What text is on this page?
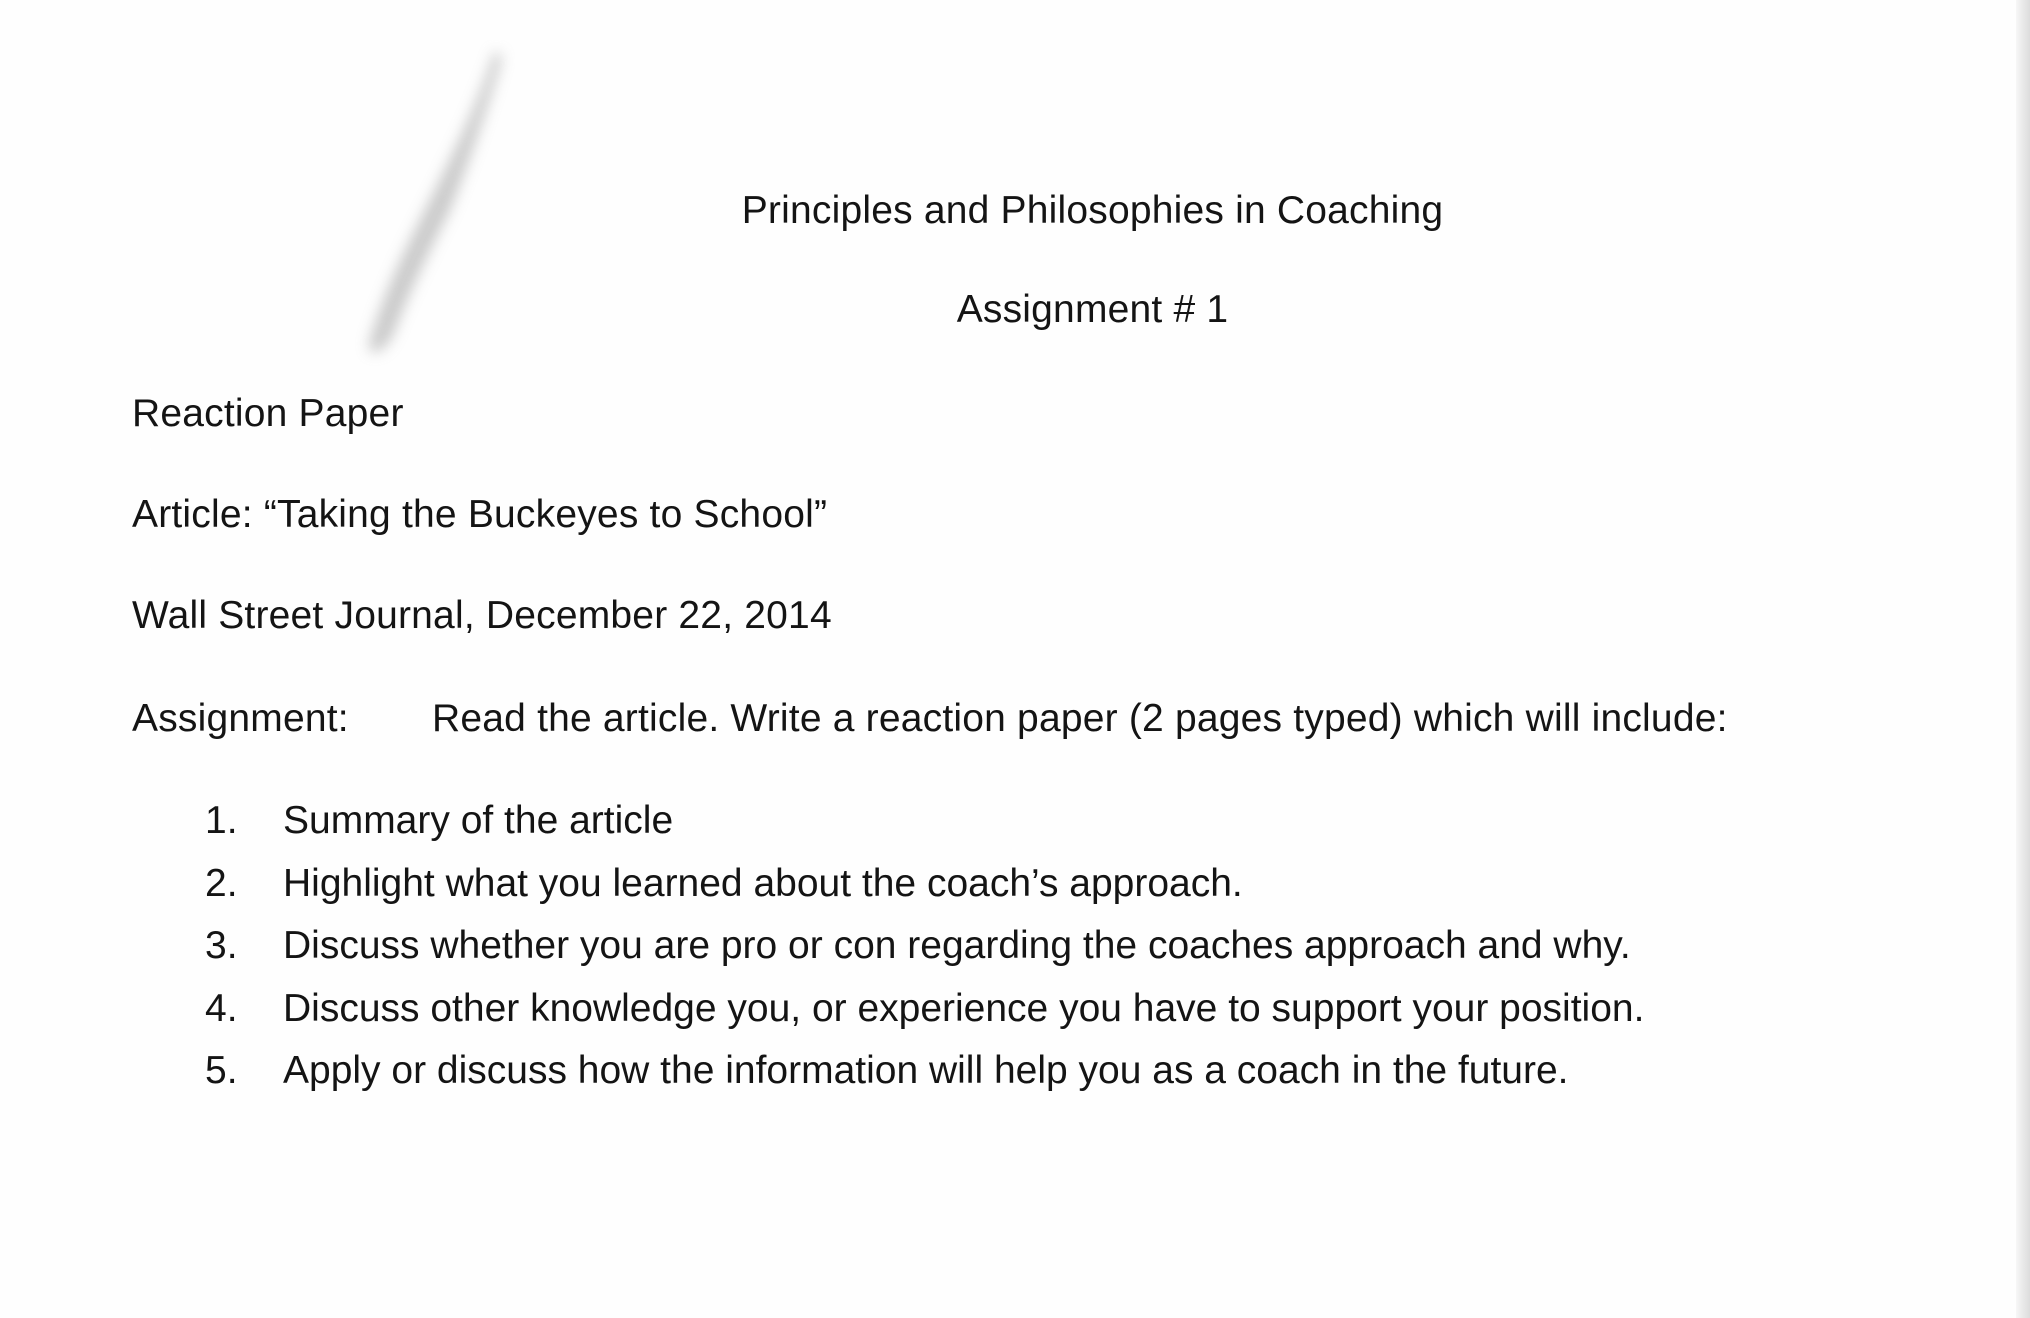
Principles and Philosophies in Coaching
Assignment # 1
Reaction Paper
Article: “Taking the Buckeyes to School”
Wall Street Journal, December 22, 2014
Assignment: Read the article. Write a reaction paper (2 pages typed) which will include:
1.	Summary of the article
2.	Highlight what you learned about the coach’s approach.
3.	Discuss whether you are pro or con regarding the coaches approach and why.
4.	Discuss other knowledge you, or experience you have to support your position.
5.	Apply or discuss how the information will help you as a coach in the future.
